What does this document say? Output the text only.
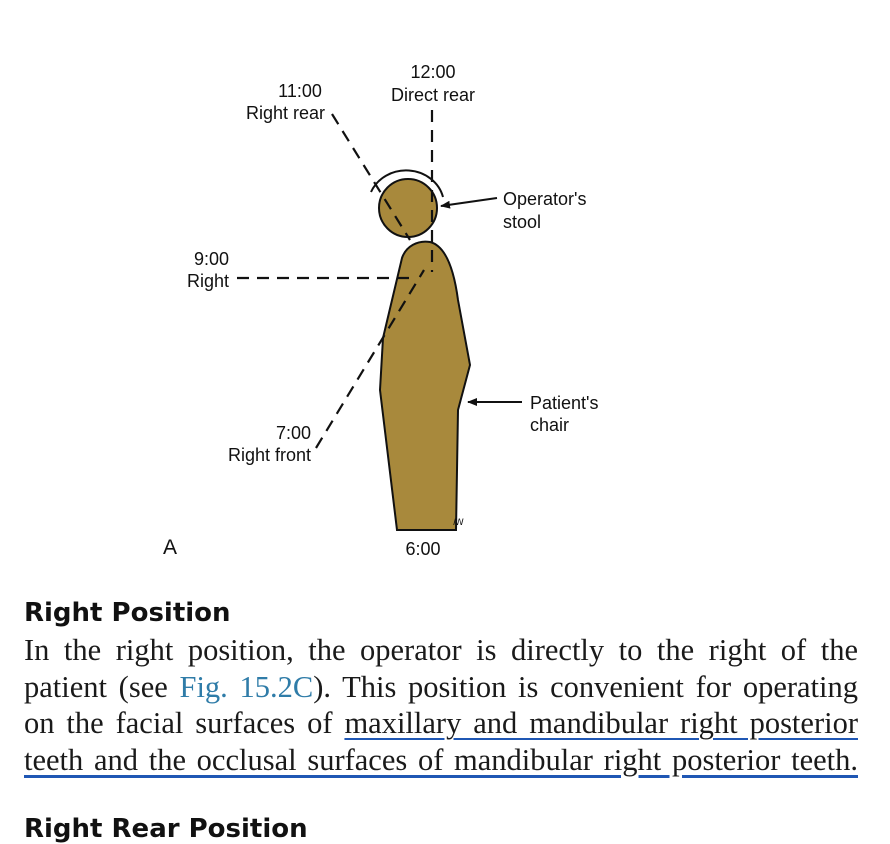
ꟿ
12:00
Direct rear
11:00
Right rear
9:00
Right
7:00
Right front
6:00
Operator's
stool
Patient's
chair
A
Right Position

In the right position, the operator is directly to the right of the patient (see Fig. 15.2C). This position is convenient for operating on the facial surfaces of maxillary and mandibular right posterior teeth and the occlusal surfaces of mandibular right posterior teeth.

Right Rear Position
